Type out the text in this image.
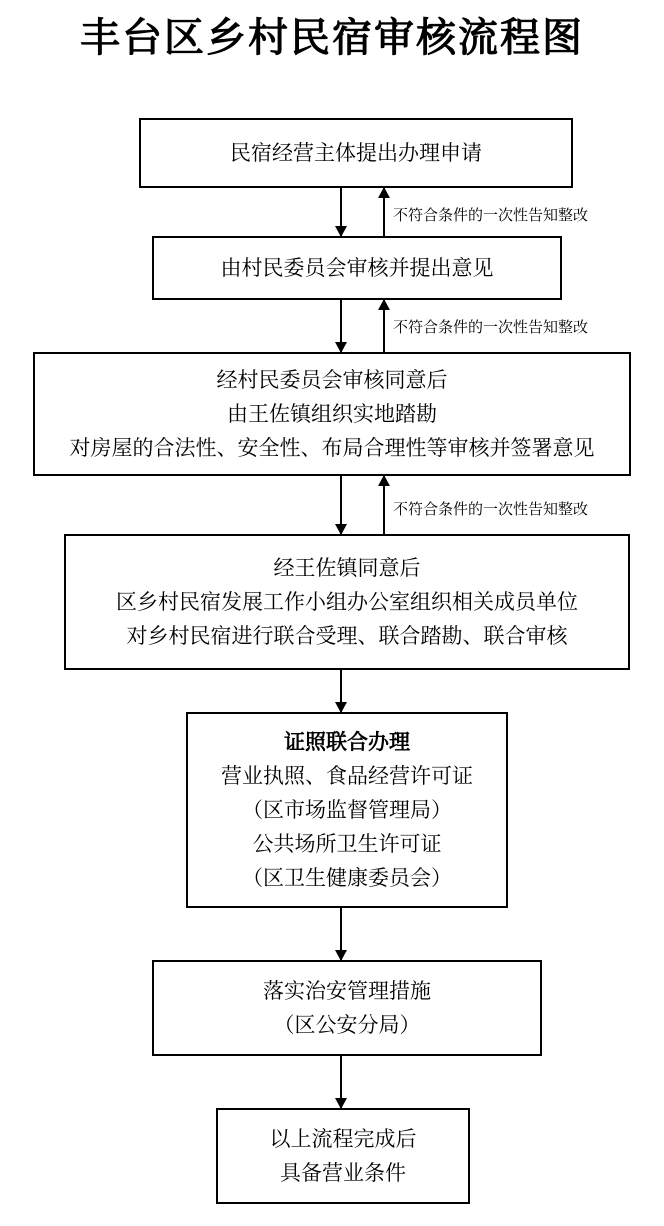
丰台区乡村民宿审核流程图
民宿经营主体提出办理申请
不符合条件的一次性告知整改
由村民委员会审核并提出意见
不符合条件的一次性告知整改
经村民委员会审核同意后
由王佐镇组织实地踏勘
对房屋的合法性、安全性、布局合理性等审核并签署意见
不符合条件的一次性告知整改
经王佐镇同意后
区乡村民宿发展工作小组办公室组织相关成员单位
对乡村民宿进行联合受理、联合踏勘、联合审核
证照联合办理
营业执照、食品经营许可证
（区市场监督管理局）
公共场所卫生许可证
（区卫生健康委员会）
落实治安管理措施
（区公安分局）
以上流程完成后
具备营业条件
